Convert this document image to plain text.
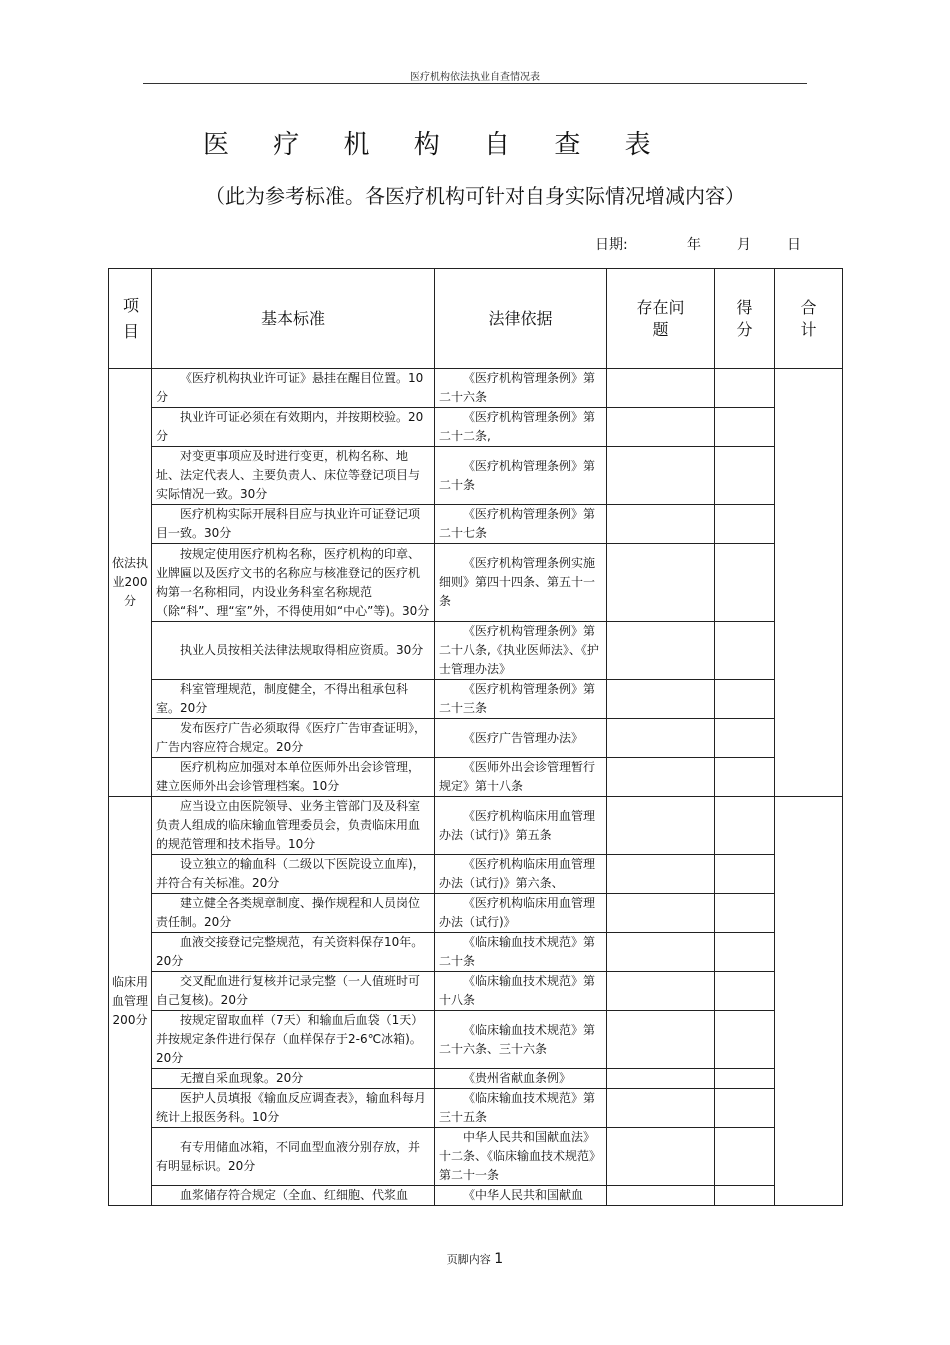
医疗机构依法执业自查情况表
医 疗 机 构 自 查 表
（此为参考标准。各医疗机构可针对自身实际情况增减内容）
日期:	年	月	日
项 目	基本标准	法律依据	存在问题	得分	合计
依法执业200分	《医疗机构执业许可证》悬挂在醒目位置。10分	《医疗机构管理条例》第二十六条			
	执业许可证必须在有效期内，并按期校验。20分	《医疗机构管理条例》第二十二条,			
	对变更事项应及时进行变更，机构名称、地址、法定代表人、主要负责人、床位等登记项目与实际情况一致。30分	《医疗机构管理条例》第二十条			
	医疗机构实际开展科目应与执业许可证登记项目一致。30分	《医疗机构管理条例》第二十七条			
	按规定使用医疗机构名称，医疗机构的印章、业牌匾以及医疗文书的名称应与核准登记的医疗机构第一名称相同，内设业务科室名称规范（除“科”、理“室”外，不得使用如“中心”等)。30分	《医疗机构管理条例实施细则》第四十四条、第五十一条			
	执业人员按相关法律法规取得相应资质。30分	《医疗机构管理条例》第二十八条,《执业医师法》、《护士管理办法》			
	科室管理规范，制度健全，不得出租承包科室。20分	《医疗机构管理条例》第二十三条			
	发布医疗广告必须取得《医疗广告审查证明》，广告内容应符合规定。20分	《医疗广告管理办法》			
	医疗机构应加强对本单位医师外出会诊管理，建立医师外出会诊管理档案。10分	《医师外出会诊管理暂行规定》第十八条			
临床用血管理200分	应当设立由医院领导、业务主管部门及及科室负责人组成的临床输血管理委员会，负责临床用血的规范管理和技术指导。10分	《医疗机构临床用血管理办法（试行)》第五条			
	设立独立的输血科（二级以下医院设立血库)，并符合有关标准。20分	《医疗机构临床用血管理办法（试行)》第六条、			
	建立健全各类规章制度、操作规程和人员岗位责任制。20分	《医疗机构临床用血管理办法（试行)》			
	血液交接登记完整规范，有关资料保存10年。20分	《临床输血技术规范》第二十条			
	交叉配血进行复核并记录完整（一人值班时可自己复核)。20分	《临床输血技术规范》第十八条			
	按规定留取血样（7天）和输血后血袋（1天）并按规定条件进行保存（血样保存于2-6℃冰箱)。20分	《临床输血技术规范》第二十六条、三十六条			
	无擅自采血现象。20分	《贵州省献血条例》			
	医护人员填报《输血反应调查表》，输血科每月统计上报医务科。10分	《临床输血技术规范》第三十五条			
	有专用储血冰箱，不同血型血液分别存放，并有明显标识。20分	中华人民共和国献血法》十二条、《临床输血技术规范》第二十一条			
	血浆储存符合规定（全血、红细胞、代浆血	《中华人民共和国献血			
页脚内容 1
